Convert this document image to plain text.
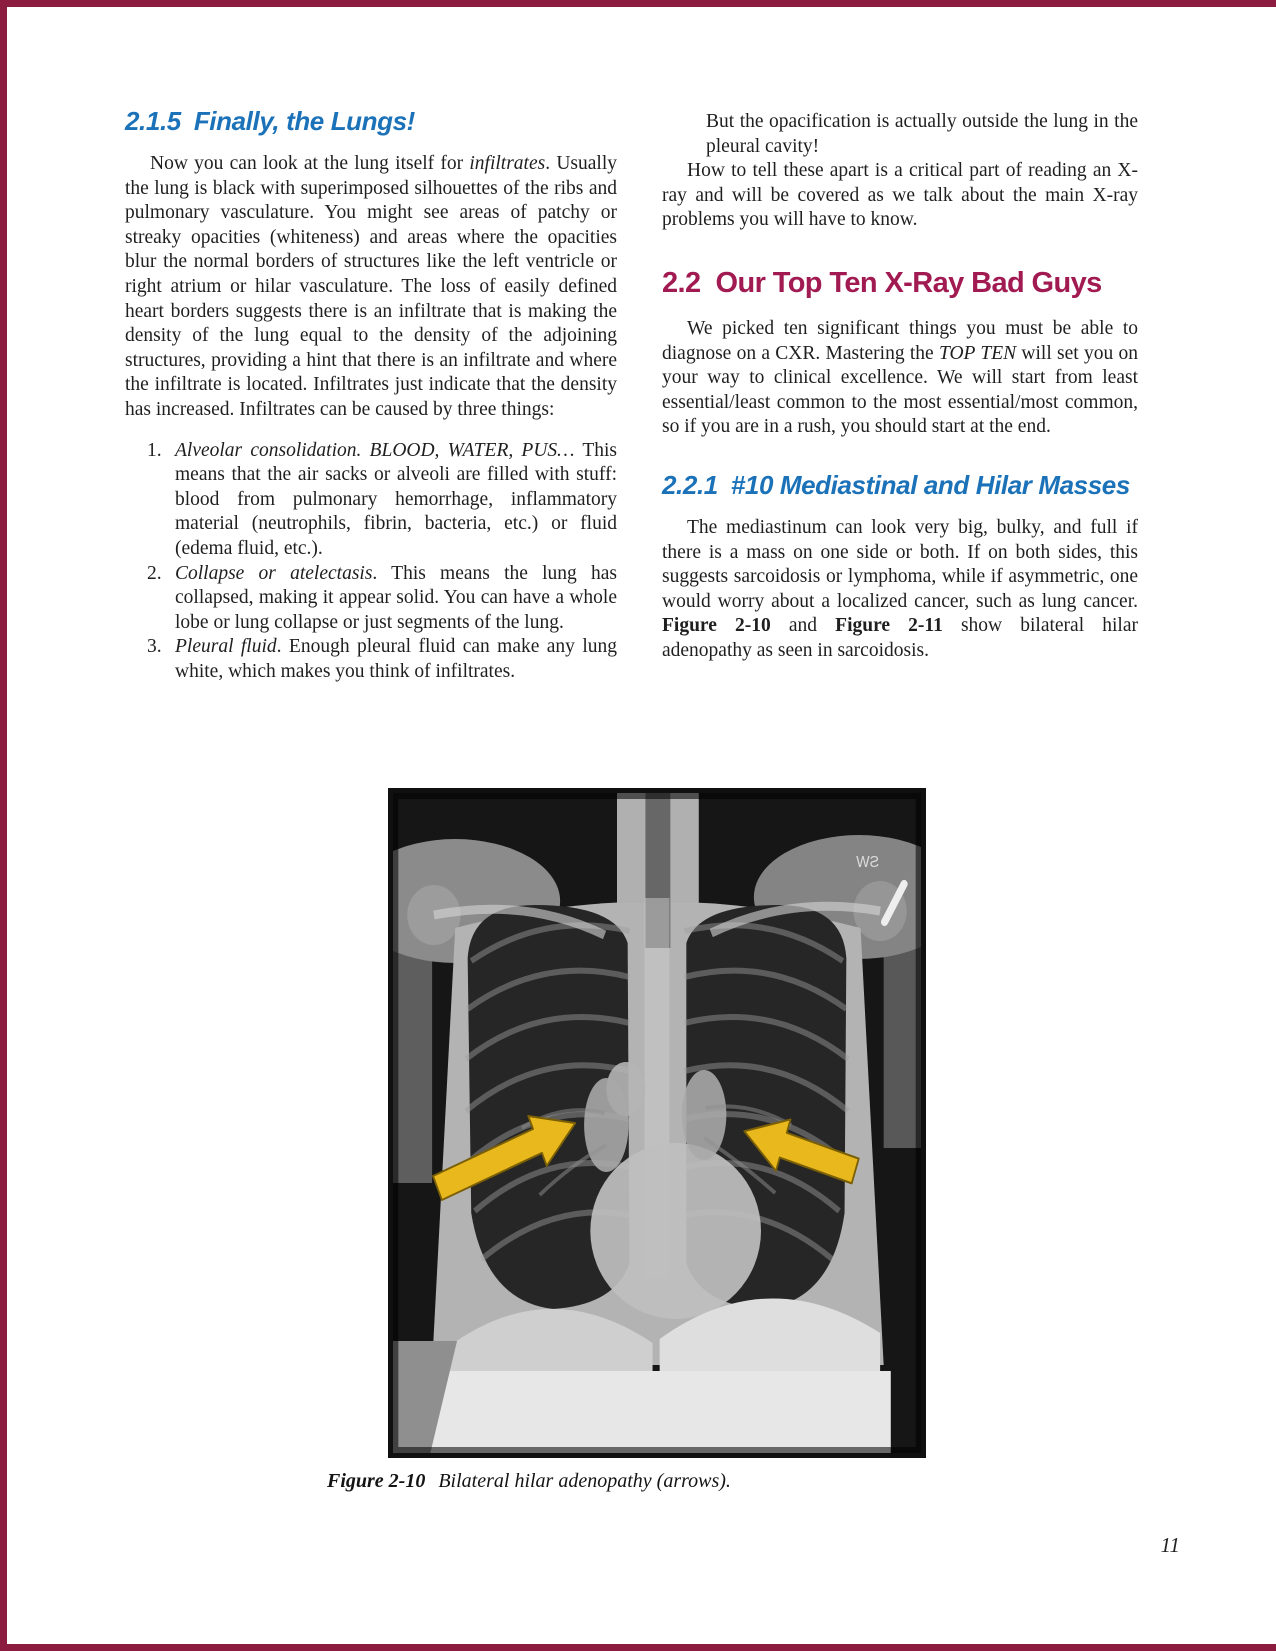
2.1.5 Finally, the Lungs!

Now you can look at the lung itself for infiltrates. Usually the lung is black with superimposed silhouettes of the ribs and pulmonary vasculature. You might see areas of patchy or streaky opacities (whiteness) and areas where the opacities blur the normal borders of structures like the left ventricle or right atrium or hilar vasculature. The loss of easily defined heart borders suggests there is an infiltrate that is making the density of the lung equal to the density of the adjoining structures, providing a hint that there is an infiltrate and where the infiltrate is located. Infiltrates just indicate that the density has increased. Infiltrates can be caused by three things:

1. Alveolar consolidation. BLOOD, WATER, PUS… This means that the air sacks or alveoli are filled with stuff: blood from pulmonary hemorrhage, inflammatory material (neutrophils, fibrin, bacteria, etc.) or fluid (edema fluid, etc.).
2. Collapse or atelectasis. This means the lung has collapsed, making it appear solid. You can have a whole lobe or lung collapse or just segments of the lung.
3. Pleural fluid. Enough pleural fluid can make any lung white, which makes you think of infiltrates.

But the opacification is actually outside the lung in the pleural cavity!

How to tell these apart is a critical part of reading an X-ray and will be covered as we talk about the main X-ray problems you will have to know.

2.2 Our Top Ten X-Ray Bad Guys

We picked ten significant things you must be able to diagnose on a CXR. Mastering the TOP TEN will set you on your way to clinical excellence. We will start from least essential/least common to the most essential/most common, so if you are in a rush, you should start at the end.

2.2.1 #10 Mediastinal and Hilar Masses

The mediastinum can look very big, bulky, and full if there is a mass on one side or both. If on both sides, this suggests sarcoidosis or lymphoma, while if asymmetric, one would worry about a localized cancer, such as lung cancer. Figure 2-10 and Figure 2-11 show bilateral hilar adenopathy as seen in sarcoidosis.

SW

Figure 2-10 Bilateral hilar adenopathy (arrows).

11
